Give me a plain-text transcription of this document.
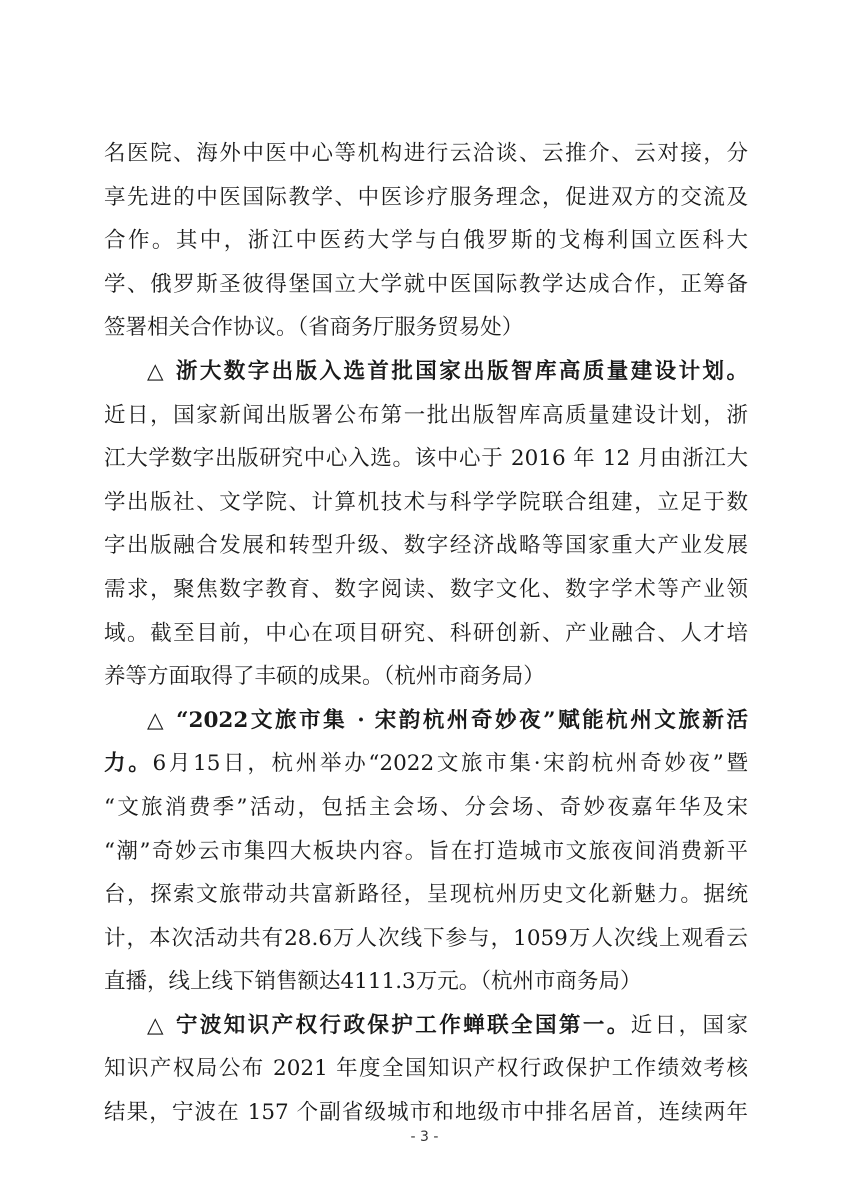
名医院、海外中医中心等机构进行云洽谈、云推介、云对接，分
享先进的中医国际教学、中医诊疗服务理念，促进双方的交流及
合作。其中，浙江中医药大学与白俄罗斯的戈梅利国立医科大
学、俄罗斯圣彼得堡国立大学就中医国际教学达成合作，正筹备
签署相关合作协议。（省商务厅服务贸易处）
△ 浙大数字出版入选首批国家出版智库高质量建设计划。
近日，国家新闻出版署公布第一批出版智库高质量建设计划，浙
江大学数字出版研究中心入选。该中心于 2016 年 12 月由浙江大
学出版社、文学院、计算机技术与科学学院联合组建，立足于数
字出版融合发展和转型升级、数字经济战略等国家重大产业发展
需求，聚焦数字教育、数字阅读、数字文化、数字学术等产业领
域。截至目前，中心在项目研究、科研创新、产业融合、人才培
养等方面取得了丰硕的成果。（杭州市商务局）
△ “2022文旅市集 · 宋韵杭州奇妙夜”赋能杭州文旅新活
力。6月15日，杭州举办“2022文旅市集·宋韵杭州奇妙夜”暨
“文旅消费季”活动，包括主会场、分会场、奇妙夜嘉年华及宋
“潮”奇妙云市集四大板块内容。旨在打造城市文旅夜间消费新平
台，探索文旅带动共富新路径，呈现杭州历史文化新魅力。据统
计，本次活动共有28.6万人次线下参与，1059万人次线上观看云
直播，线上线下销售额达4111.3万元。（杭州市商务局）
△ 宁波知识产权行政保护工作蝉联全国第一。近日，国家
知识产权局公布 2021 年度全国知识产权行政保护工作绩效考核
结果，宁波在 157 个副省级城市和地级市中排名居首，连续两年
- 3 -
